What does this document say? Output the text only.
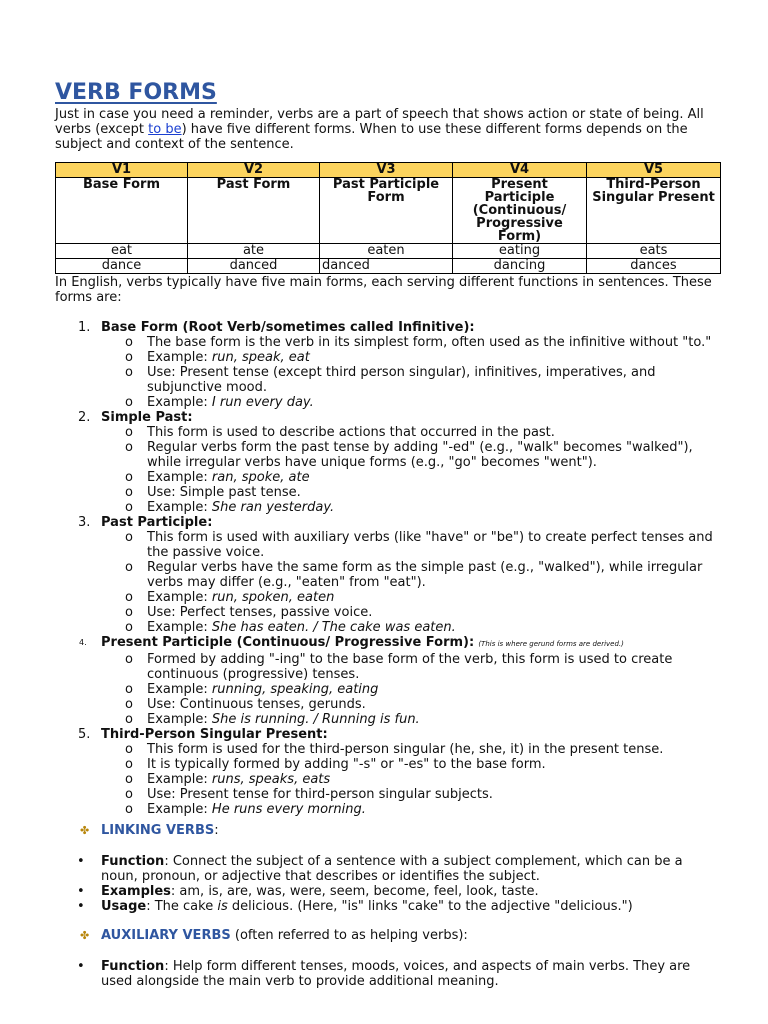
VERB FORMS

Just in case you need a reminder, verbs are a part of speech that shows action or state of being. All verbs (except to be) have five different forms. When to use these different forms depends on the subject and context of the sentence.

V1	V2	V3	V4	V5
Base Form	Past Form	Past Participle Form	Present Participle (Continuous/ Progressive Form)	Third-Person Singular Present
eat	ate	eaten	eating	eats
dance	danced	danced	dancing	dances

In English, verbs typically have five main forms, each serving different functions in sentences. These forms are:

1. Base Form (Root Verb/sometimes called Infinitive):
o The base form is the verb in its simplest form, often used as the infinitive without "to."
o Example: run, speak, eat
o Use: Present tense (except third person singular), infinitives, imperatives, and subjunctive mood.
o Example: I run every day.
2. Simple Past:
o This form is used to describe actions that occurred in the past.
o Regular verbs form the past tense by adding "-ed" (e.g., "walk" becomes "walked"), while irregular verbs have unique forms (e.g., "go" becomes "went").
o Example: ran, spoke, ate
o Use: Simple past tense.
o Example: She ran yesterday.
3. Past Participle:
o This form is used with auxiliary verbs (like "have" or "be") to create perfect tenses and the passive voice.
o Regular verbs have the same form as the simple past (e.g., "walked"), while irregular verbs may differ (e.g., "eaten" from "eat").
o Example: run, spoken, eaten
o Use: Perfect tenses, passive voice.
o Example: She has eaten. / The cake was eaten.
4. Present Participle (Continuous/ Progressive Form): (This is where gerund forms are derived.)
o Formed by adding "-ing" to the base form of the verb, this form is used to create continuous (progressive) tenses.
o Example: running, speaking, eating
o Use: Continuous tenses, gerunds.
o Example: She is running. / Running is fun.
5. Third-Person Singular Present:
o This form is used for the third-person singular (he, she, it) in the present tense.
o It is typically formed by adding "-s" or "-es" to the base form.
o Example: runs, speaks, eats
o Use: Present tense for third-person singular subjects.
o Example: He runs every morning.
✤ LINKING VERBS:
• Function: Connect the subject of a sentence with a subject complement, which can be a noun, pronoun, or adjective that describes or identifies the subject.
• Examples: am, is, are, was, were, seem, become, feel, look, taste.
• Usage: The cake is delicious. (Here, "is" links "cake" to the adjective "delicious.")
✤ AUXILIARY VERBS (often referred to as helping verbs):
• Function: Help form different tenses, moods, voices, and aspects of main verbs. They are used alongside the main verb to provide additional meaning.
